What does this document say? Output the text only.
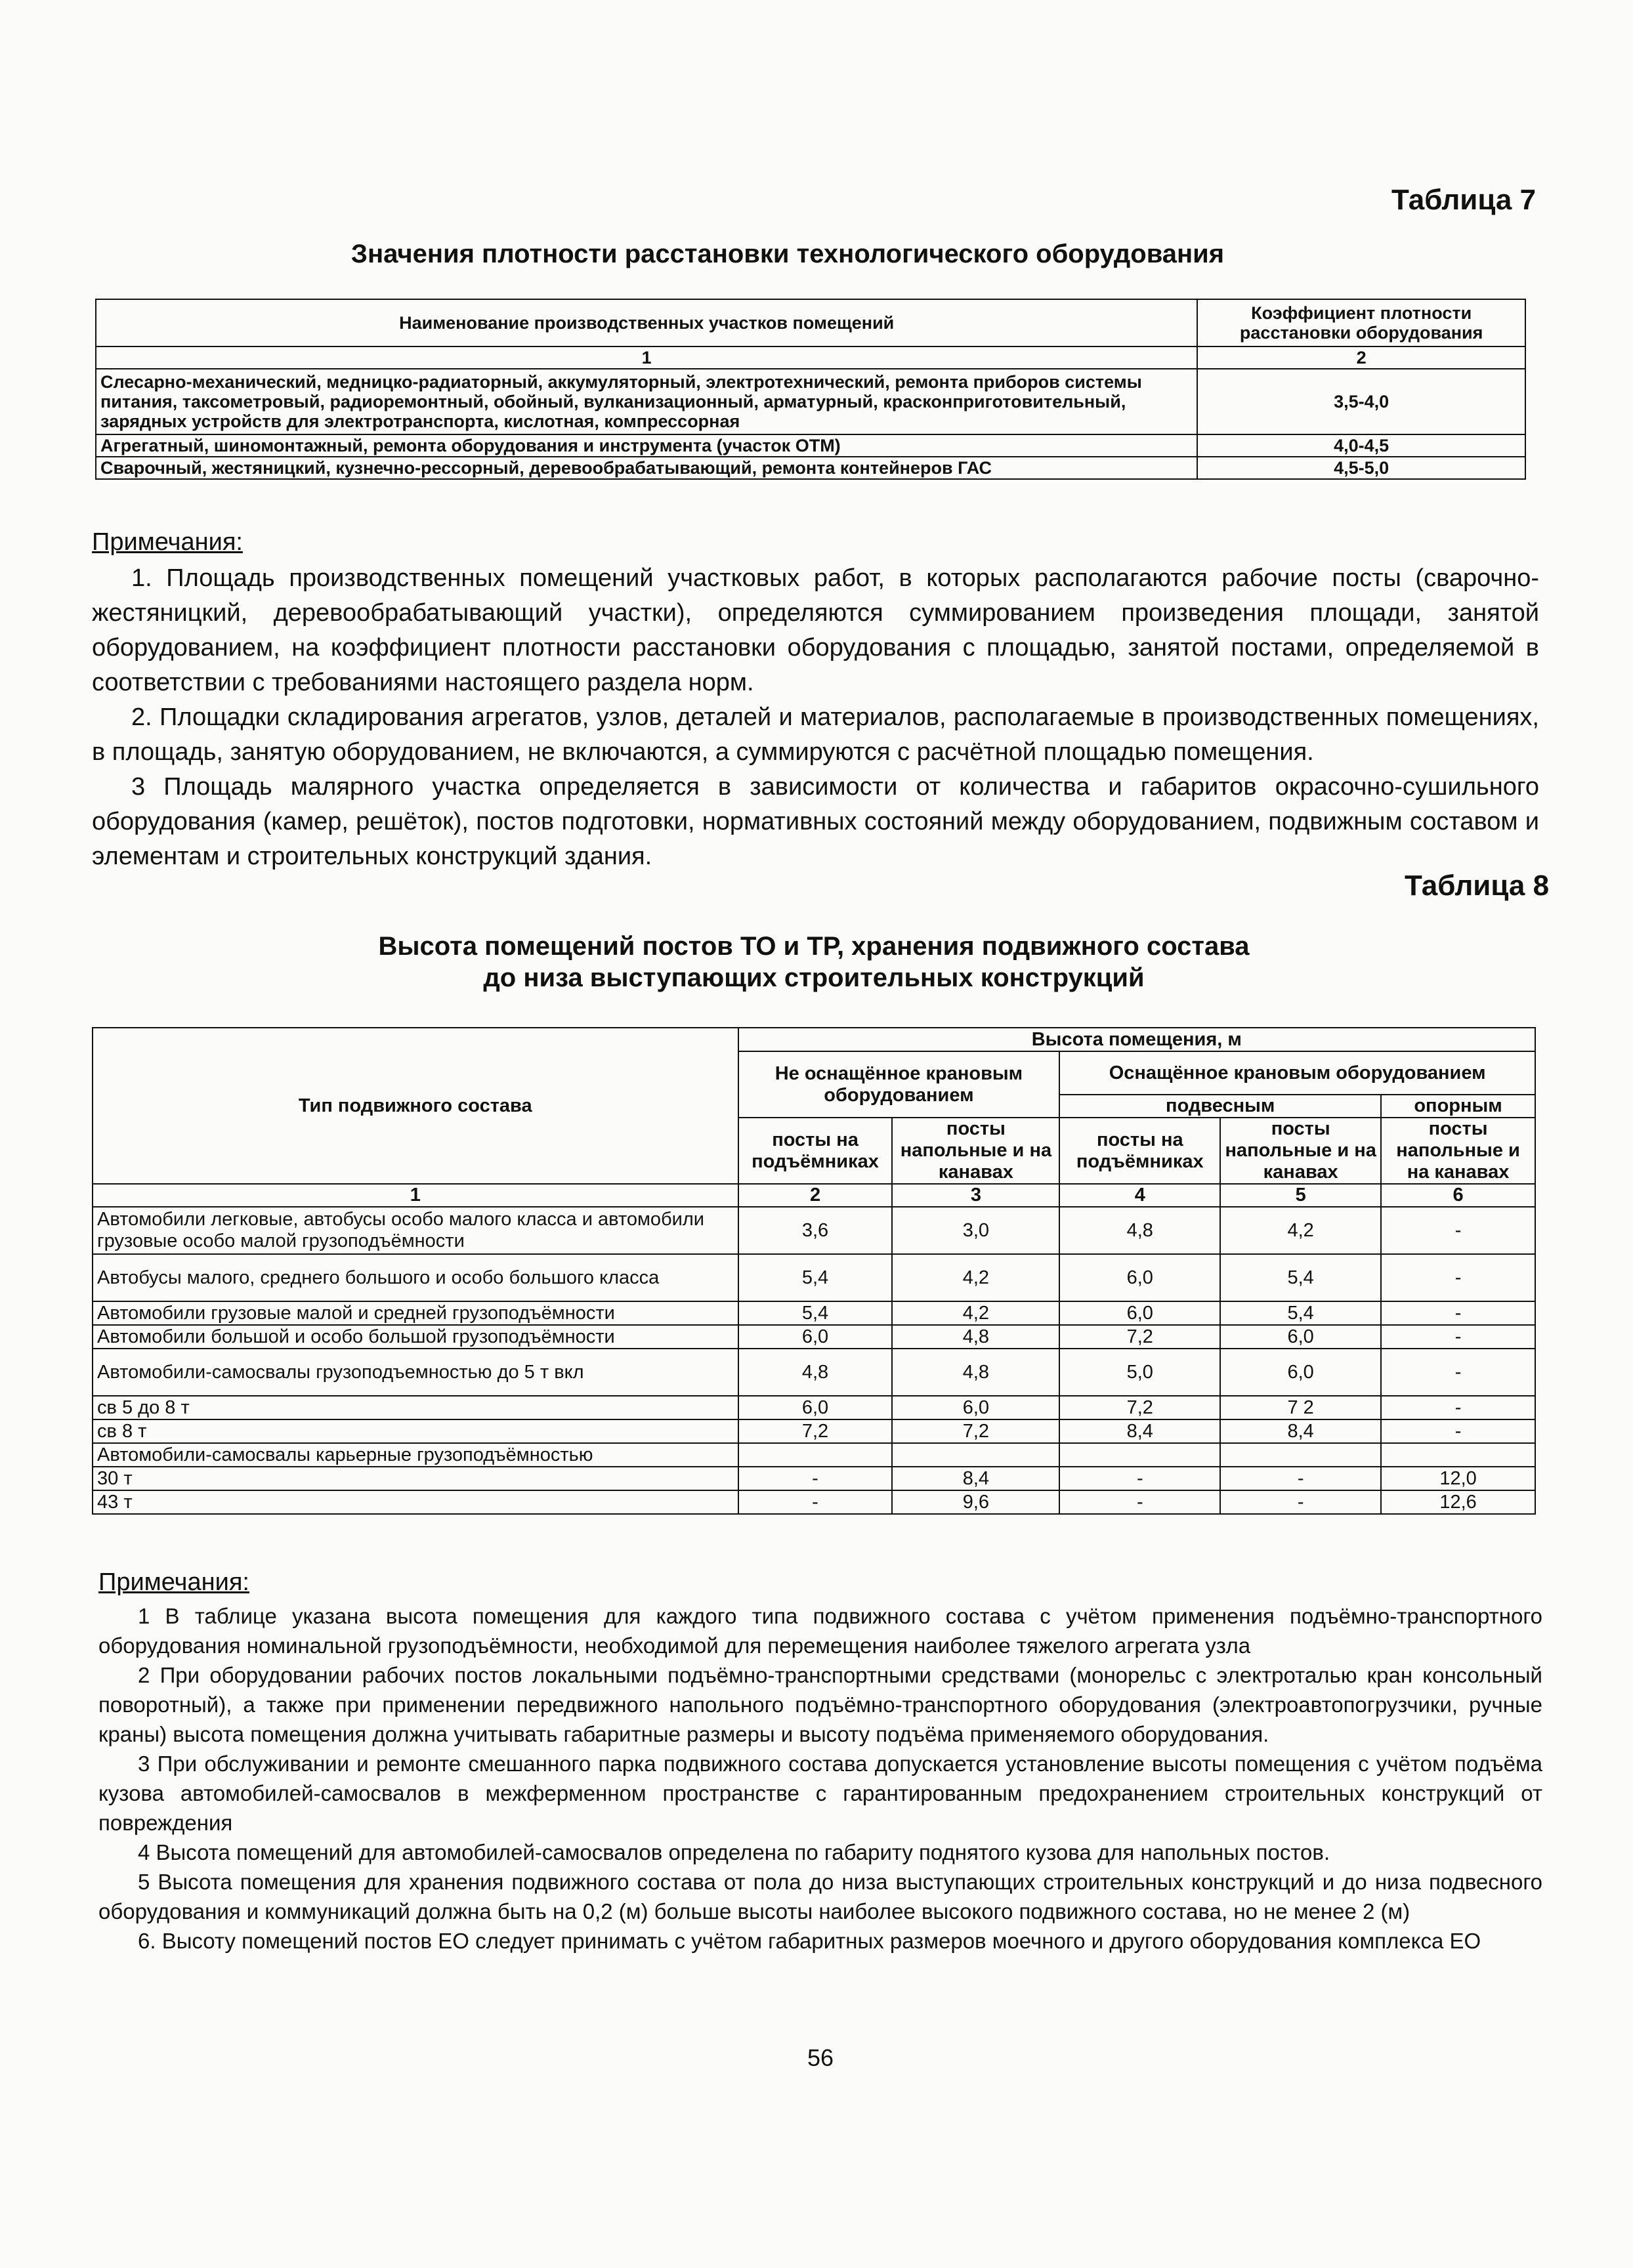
Таблица 7
Значения плотности расстановки технологического оборудования
Наименование производственных участков помещений	Коэффициент плотности расстановки оборудования
1	2
Слесарно-механический, медницко-радиаторный, аккумуляторный, электротехнический, ремонта приборов системы питания, таксометровый, радиоремонтный, обойный, вулканизационный, арматурный, красконприготовительный, зарядных устройств для электротранспорта, кислотная, компрессорная	3,5-4,0
Агрегатный, шиномонтажный, ремонта оборудования и инструмента (участок ОТМ)	4,0-4,5
Сварочный, жестяницкий, кузнечно-рессорный, деревообрабатывающий, ремонта контейнеров ГАС	4,5-5,0
Примечания:

1. Площадь производственных помещений участковых работ, в которых располагаются рабочие посты (сварочно-жестяницкий, деревообрабатывающий участки), определяются суммированием произведения площади, занятой оборудованием, на коэффициент плотности расстановки оборудования с площадью, занятой постами, определяемой в соответствии с требованиями настоящего раздела норм.

2. Площадки складирования агрегатов, узлов, деталей и материалов, располагаемые в производственных помещениях, в площадь, занятую оборудованием, не включаются, а суммируются с расчётной площадью помещения.

3 Площадь малярного участка определяется в зависимости от количества и габаритов окрасочно-сушильного оборудования (камер, решёток), постов подготовки, нормативных состояний между оборудованием, подвижным составом и элементам и строительных конструкций здания.

Таблица 8
Высота помещений постов ТО и ТР, хранения подвижного состава
до низа выступающих строительных конструкций
Тип подвижного состава	Высота помещения, м				
	Не оснащённое крановым оборудованием		Оснащённое крановым оборудованием		
			подвесным		опорным
	посты на подъёмниках	посты напольные и на канавах	посты на подъёмниках	посты напольные и на канавах	посты напольные и на канавах
1	2	3	4	5	6
Автомобили легковые, автобусы особо малого класса и автомобили грузовые особо малой грузоподъёмности	3,6	3,0	4,8	4,2	-
Автобусы малого, среднего большого и особо большого класса	5,4	4,2	6,0	5,4	-
Автомобили грузовые малой и средней грузоподъёмности	5,4	4,2	6,0	5,4	-
Автомобили большой и особо большой грузоподъёмности	6,0	4,8	7,2	6,0	-
Автомобили-самосвалы грузоподъемностью до 5 т вкл	4,8	4,8	5,0	6,0	-
св 5 до 8 т	6,0	6,0	7,2	7 2	-
св 8 т	7,2	7,2	8,4	8,4	-
Автомобили-самосвалы карьерные грузоподъёмностью					
30 т	-	8,4	-	-	12,0
43 т	-	9,6	-	-	12,6
Примечания:

1 В таблице указана высота помещения для каждого типа подвижного состава с учётом применения подъёмно-транспортного оборудования номинальной грузоподъёмности, необходимой для перемещения наиболее тяжелого агрегата узла

2 При оборудовании рабочих постов локальными подъёмно-транспортными средствами (монорельс с электроталью кран консольный поворотный), а также при применении передвижного напольного подъёмно-транспортного оборудования (электроавтопогрузчики, ручные краны) высота помещения должна учитывать габаритные размеры и высоту подъёма применяемого оборудования.

3 При обслуживании и ремонте смешанного парка подвижного состава допускается установление высоты помещения с учётом подъёма кузова автомобилей-самосвалов в межферменном пространстве с гарантированным предохранением строительных конструкций от повреждения

4 Высота помещений для автомобилей-самосвалов определена по габариту поднятого кузова для напольных постов.

5 Высота помещения для хранения подвижного состава от пола до низа выступающих строительных конструкций и до низа подвесного оборудования и коммуникаций должна быть на 0,2 (м) больше высоты наиболее высокого подвижного состава, но не менее 2 (м)

6. Высоту помещений постов ЕО следует принимать с учётом габаритных размеров моечного и другого оборудования комплекса ЕО

56
